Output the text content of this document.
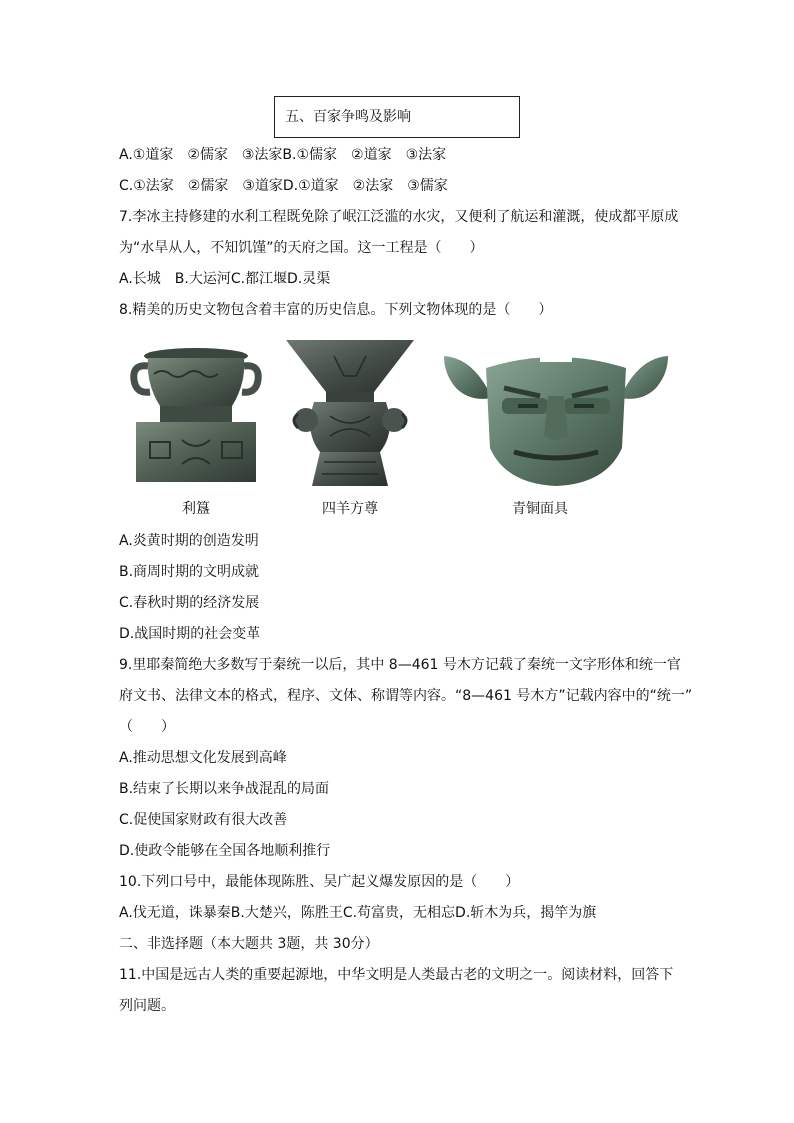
五、百家争鸣及影响
A.①道家　②儒家　③法家B.①儒家　②道家　③法家
C.①法家　②儒家　③道家D.①道家　②法家　③儒家
7.李冰主持修建的水利工程既免除了岷江泛滥的水灾，又便利了航运和灌溉，使成都平原成
为“水旱从人，不知饥馑”的天府之国。这一工程是（　　）
A.长城　B.大运河C.都江堰D.灵渠
8.精美的历史文物包含着丰富的历史信息。下列文物体现的是（　　）
利簋	四羊方尊	青铜面具
A.炎黄时期的创造发明
B.商周时期的文明成就
C.春秋时期的经济发展
D.战国时期的社会变革
9.里耶秦简绝大多数写于秦统一以后，其中 8—461 号木方记载了秦统一文字形体和统一官
府文书、法律文本的格式，程序、文体、称谓等内容。“8—461 号木方”记载内容中的“统一”
（　　）
A.推动思想文化发展到高峰
B.结束了长期以来争战混乱的局面
C.促使国家财政有很大改善
D.使政令能够在全国各地顺利推行
10.下列口号中，最能体现陈胜、吴广起义爆发原因的是（　　）
A.伐无道，诛暴秦B.大楚兴，陈胜王C.苟富贵，无相忘D.斩木为兵，揭竿为旗
二、非选择题（本大题共 3题，共 30分）
11.中国是远古人类的重要起源地，中华文明是人类最古老的文明之一。阅读材料，回答下
列问题。
